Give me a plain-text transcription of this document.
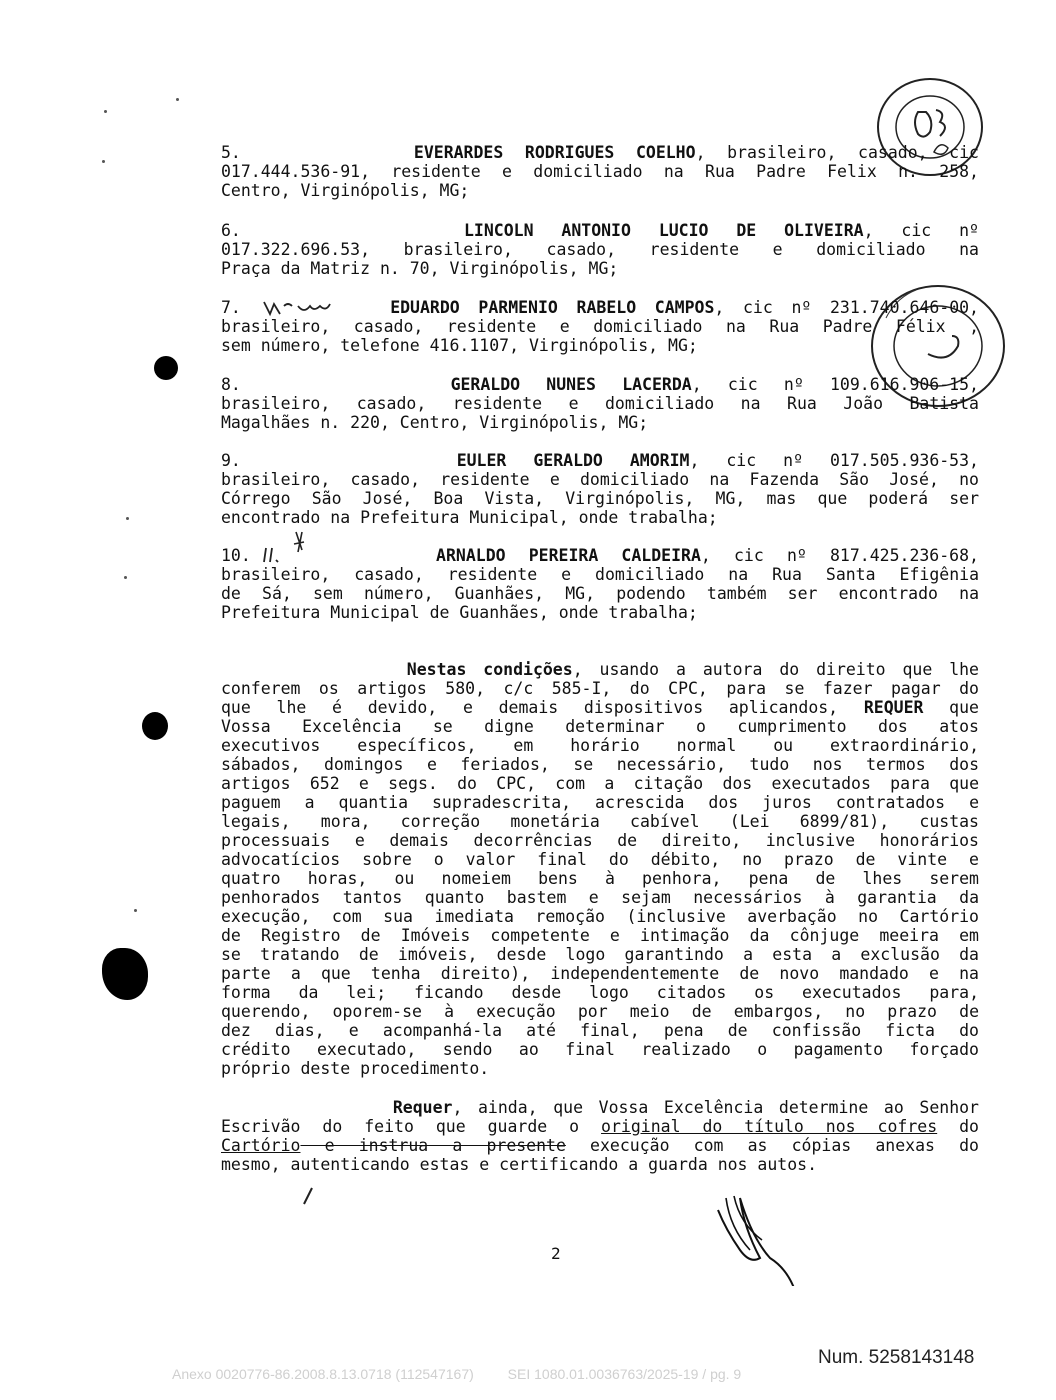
5.	EVERARDES RODRIGUES COELHO, brasileiro, casado, cic
017.444.536-91, residente e domiciliado na Rua Padre Felix n. 258,
Centro, Virginópolis, MG;

6.	LINCOLN ANTONIO LUCIO DE OLIVEIRA, cic nº
017.322.696.53, brasileiro, casado, residente e domiciliado na
Praça da Matriz n. 70, Virginópolis, MG;

7.	EDUARDO PARMENIO RABELO CAMPOS, cic nº 231.740.646-00,
brasileiro, casado, residente e domiciliado na Rua Padre Félix ,
sem número, telefone 416.1107, Virginópolis, MG;

8.	GERALDO NUNES LACERDA, cic nº 109.616.906-15,
brasileiro, casado, residente e domiciliado na Rua João Batista
Magalhães n. 220, Centro, Virginópolis, MG;

9.	EULER GERALDO AMORIM, cic nº 017.505.936-53,
brasileiro, casado, residente e domiciliado na Fazenda São José, no
Córrego São José, Boa Vista, Virginópolis, MG, mas que poderá ser
encontrado na Prefeitura Municipal, onde trabalha;

10.	ARNALDO PEREIRA CALDEIRA, cic nº 817.425.236-68,
brasileiro, casado, residente e domiciliado na Rua Santa Efigênia
de Sá, sem número, Guanhães, MG, podendo também ser encontrado na
Prefeitura Municipal de Guanhães, onde trabalha;

Nestas condições, usando a autora do direito que lhe
conferem os artigos 580, c/c 585-I, do CPC, para se fazer pagar do
que lhe é devido, e demais dispositivos aplicandos, REQUER que
Vossa Excelência se digne determinar o cumprimento dos atos
executivos específicos, em horário normal ou extraordinário,
sábados, domingos e feriados, se necessário, tudo nos termos dos
artigos 652 e segs. do CPC, com a citação dos executados para que
paguem a quantia supradescrita, acrescida dos juros contratados e
legais, mora, correção monetária cabível (Lei 6899/81), custas
processuais e demais decorrências de direito, inclusive honorários
advocatícios sobre o valor final do débito, no prazo de vinte e
quatro horas, ou nomeiem bens à penhora, pena de lhes serem
penhorados tantos quanto bastem e sejam necessários à garantia da
execução, com sua imediata remoção (inclusive averbação no Cartório
de Registro de Imóveis competente e intimação da cônjuge meeira em
se tratando de imóveis, desde logo garantindo a esta a exclusão da
parte a que tenha direito), independentemente de novo mandado e na
forma da lei; ficando desde logo citados os executados para,
querendo, oporem-se à execução por meio de embargos, no prazo de
dez dias, e acompanhá-la até final, pena de confissão ficta do
crédito executado, sendo ao final realizado o pagamento forçado
próprio deste procedimento.

Requer, ainda, que Vossa Excelência determine ao Senhor
Escrivão do feito que guarde o original do título nos cofres do
Cartório e instrua a presente execução com as cópias anexas do
mesmo, autenticando estas e certificando a guarda nos autos.

2
Num. 5258143148
Anexo 0020776-86.2008.8.13.0718 (112547167) SEI 1080.01.0036763/2025-19 / pg. 9
